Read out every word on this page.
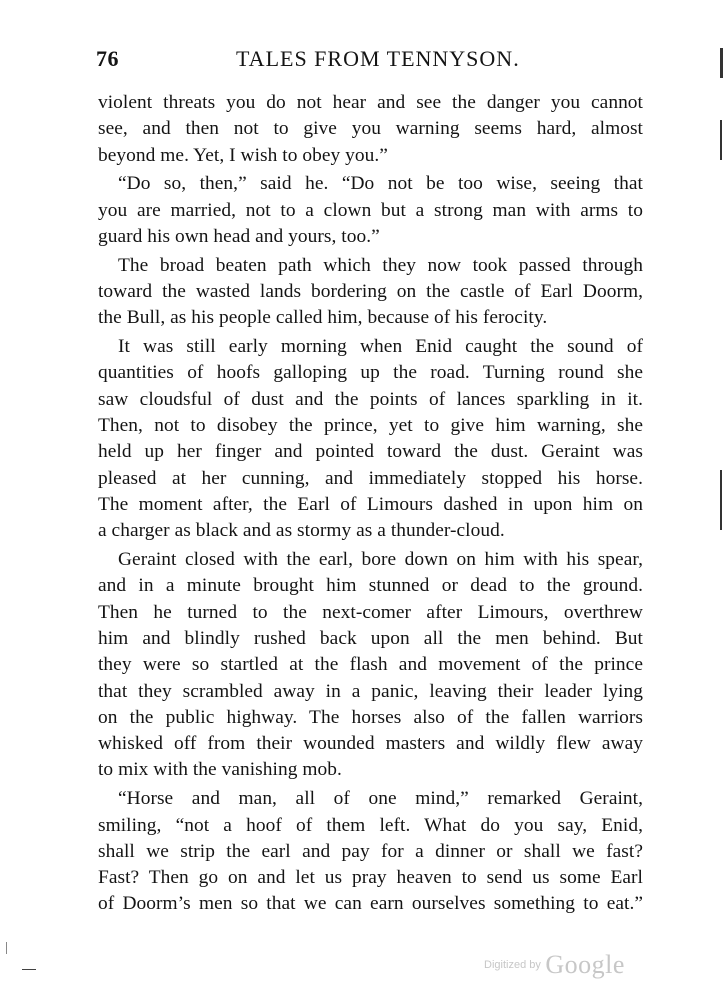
76	TALES FROM TENNYSON.
violent threats you do not hear and see the danger you cannot
see, and then not to give you warning seems hard, almost
beyond me. Yet, I wish to obey you.”
“Do so, then,” said he. “Do not be too wise, seeing that
you are married, not to a clown but a strong man with arms to
guard his own head and yours, too.”
The broad beaten path which they now took passed through
toward the wasted lands bordering on the castle of Earl Doorm,
the Bull, as his people called him, because of his ferocity.
It was still early morning when Enid caught the sound of
quantities of hoofs galloping up the road. Turning round she
saw cloudsful of dust and the points of lances sparkling in it.
Then, not to disobey the prince, yet to give him warning, she
held up her finger and pointed toward the dust. Geraint was
pleased at her cunning, and immediately stopped his horse.
The moment after, the Earl of Limours dashed in upon him on
a charger as black and as stormy as a thunder-cloud.
Geraint closed with the earl, bore down on him with his spear,
and in a minute brought him stunned or dead to the ground.
Then he turned to the next-comer after Limours, overthrew
him and blindly rushed back upon all the men behind. But
they were so startled at the flash and movement of the prince
that they scrambled away in a panic, leaving their leader lying
on the public highway. The horses also of the fallen warriors
whisked off from their wounded masters and wildly flew away
to mix with the vanishing mob.
“Horse and man, all of one mind,” remarked Geraint,
smiling, “not a hoof of them left. What do you say, Enid,
shall we strip the earl and pay for a dinner or shall we fast?
Fast? Then go on and let us pray heaven to send us some Earl
of Doorm’s men so that we can earn ourselves something to eat.”
—	Digitized by Google
